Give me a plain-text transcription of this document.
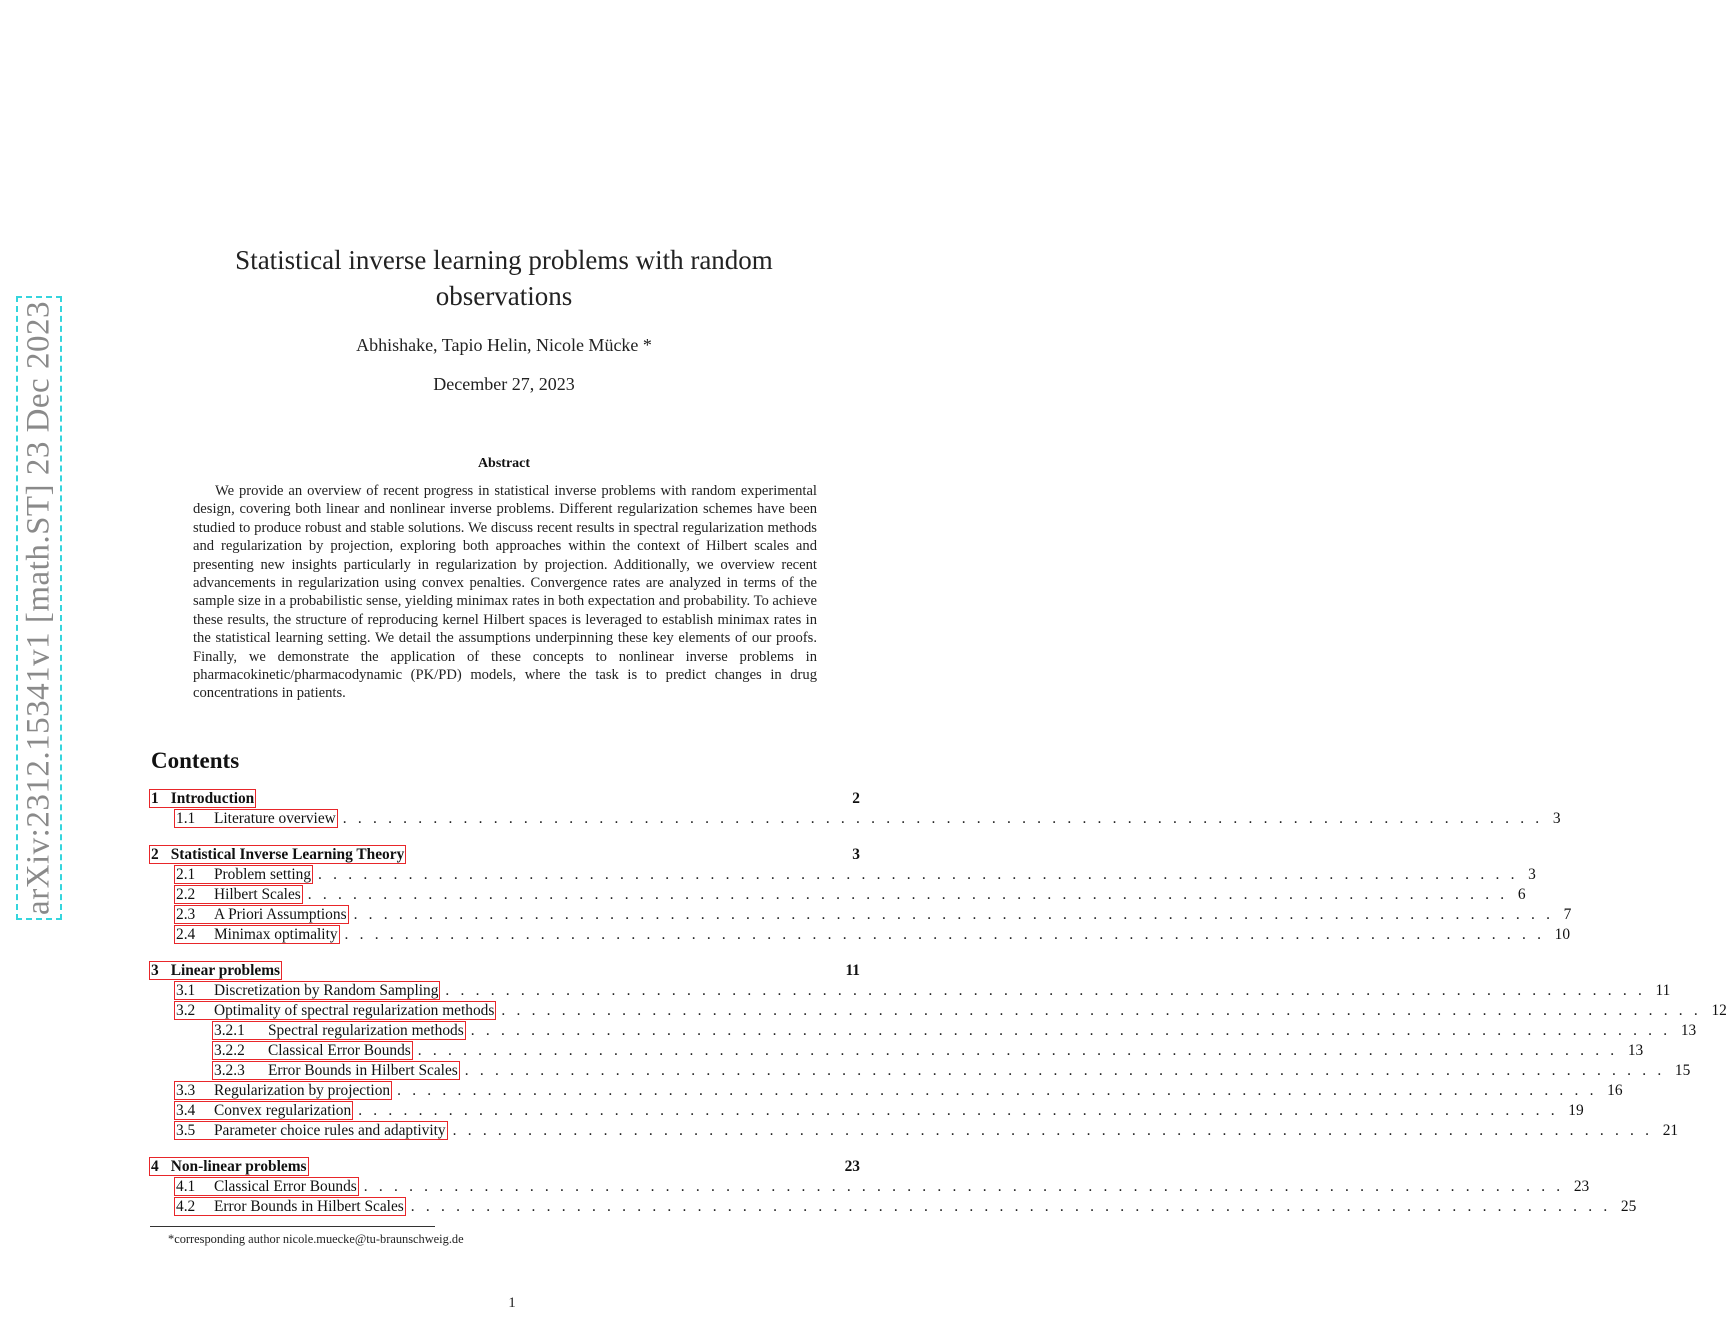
arXiv:2312.15341v1 [math.ST] 23 Dec 2023
Statistical inverse learning problems with random observations
Abhishake, Tapio Helin, Nicole Mücke *
December 27, 2023
Abstract

We provide an overview of recent progress in statistical inverse problems with random experimental design, covering both linear and nonlinear inverse problems. Different regularization schemes have been studied to produce robust and stable solutions. We discuss recent results in spectral regularization methods and regularization by projection, exploring both approaches within the context of Hilbert scales and presenting new insights particularly in regularization by projection. Additionally, we overview recent advancements in regularization using convex penalties. Convergence rates are analyzed in terms of the sample size in a probabilistic sense, yielding minimax rates in both expectation and probability. To achieve these results, the structure of reproducing kernel Hilbert spaces is leveraged to establish minimax rates in the statistical learning setting. We detail the assumptions underpinning these key elements of our proofs. Finally, we demonstrate the application of these concepts to nonlinear inverse problems in pharmacokinetic/pharmacodynamic (PK/PD) models, where the task is to predict changes in drug concentrations in patients.

Contents
1 Introduction	2
1.1	Literature overview . . . . . . . . . . . . . . . . . . . . . . . . . . . . . . . . . . . . . . . . . . . . . . . . . . . . . . . . . . . . . . . . . . . . . . . . . . . . . . . . 3
2 Statistical Inverse Learning Theory	3
2.1	Problem setting . . . . . . . . . . . . . . . . . . . . . . . . . . . . . . . . . . . . . . . . . . . . . . . . . . . . . . . . . . . . . . . . . . . . . . . . . . . . . . . . 3
2.2	Hilbert Scales . . . . . . . . . . . . . . . . . . . . . . . . . . . . . . . . . . . . . . . . . . . . . . . . . . . . . . . . . . . . . . . . . . . . . . . . . . . . . . . . 6
2.3	A Priori Assumptions . . . . . . . . . . . . . . . . . . . . . . . . . . . . . . . . . . . . . . . . . . . . . . . . . . . . . . . . . . . . . . . . . . . . . . . . . . . . . . . . 7
2.4	Minimax optimality . . . . . . . . . . . . . . . . . . . . . . . . . . . . . . . . . . . . . . . . . . . . . . . . . . . . . . . . . . . . . . . . . . . . . . . . . . . . . . . . 10
3 Linear problems	11
3.1	Discretization by Random Sampling . . . . . . . . . . . . . . . . . . . . . . . . . . . . . . . . . . . . . . . . . . . . . . . . . . . . . . . . . . . . . . . . . . . . . . . . . . . . . . . . 11
3.2	Optimality of spectral regularization methods . . . . . . . . . . . . . . . . . . . . . . . . . . . . . . . . . . . . . . . . . . . . . . . . . . . . . . . . . . . . . . . . . . . . . . . . . . . . . . . . 12
3.2.1	Spectral regularization methods . . . . . . . . . . . . . . . . . . . . . . . . . . . . . . . . . . . . . . . . . . . . . . . . . . . . . . . . . . . . . . . . . . . . . . . . . . . . . . . . 13
3.2.2	Classical Error Bounds . . . . . . . . . . . . . . . . . . . . . . . . . . . . . . . . . . . . . . . . . . . . . . . . . . . . . . . . . . . . . . . . . . . . . . . . . . . . . . . . 13
3.2.3	Error Bounds in Hilbert Scales . . . . . . . . . . . . . . . . . . . . . . . . . . . . . . . . . . . . . . . . . . . . . . . . . . . . . . . . . . . . . . . . . . . . . . . . . . . . . . . . 15
3.3	Regularization by projection . . . . . . . . . . . . . . . . . . . . . . . . . . . . . . . . . . . . . . . . . . . . . . . . . . . . . . . . . . . . . . . . . . . . . . . . . . . . . . . . 16
3.4	Convex regularization . . . . . . . . . . . . . . . . . . . . . . . . . . . . . . . . . . . . . . . . . . . . . . . . . . . . . . . . . . . . . . . . . . . . . . . . . . . . . . . . 19
3.5	Parameter choice rules and adaptivity . . . . . . . . . . . . . . . . . . . . . . . . . . . . . . . . . . . . . . . . . . . . . . . . . . . . . . . . . . . . . . . . . . . . . . . . . . . . . . . . 21
4 Non-linear problems	23
4.1	Classical Error Bounds . . . . . . . . . . . . . . . . . . . . . . . . . . . . . . . . . . . . . . . . . . . . . . . . . . . . . . . . . . . . . . . . . . . . . . . . . . . . . . . . 23
4.2	Error Bounds in Hilbert Scales . . . . . . . . . . . . . . . . . . . . . . . . . . . . . . . . . . . . . . . . . . . . . . . . . . . . . . . . . . . . . . . . . . . . . . . . . . . . . . . . 25
*corresponding author nicole.muecke@tu-braunschweig.de
1
